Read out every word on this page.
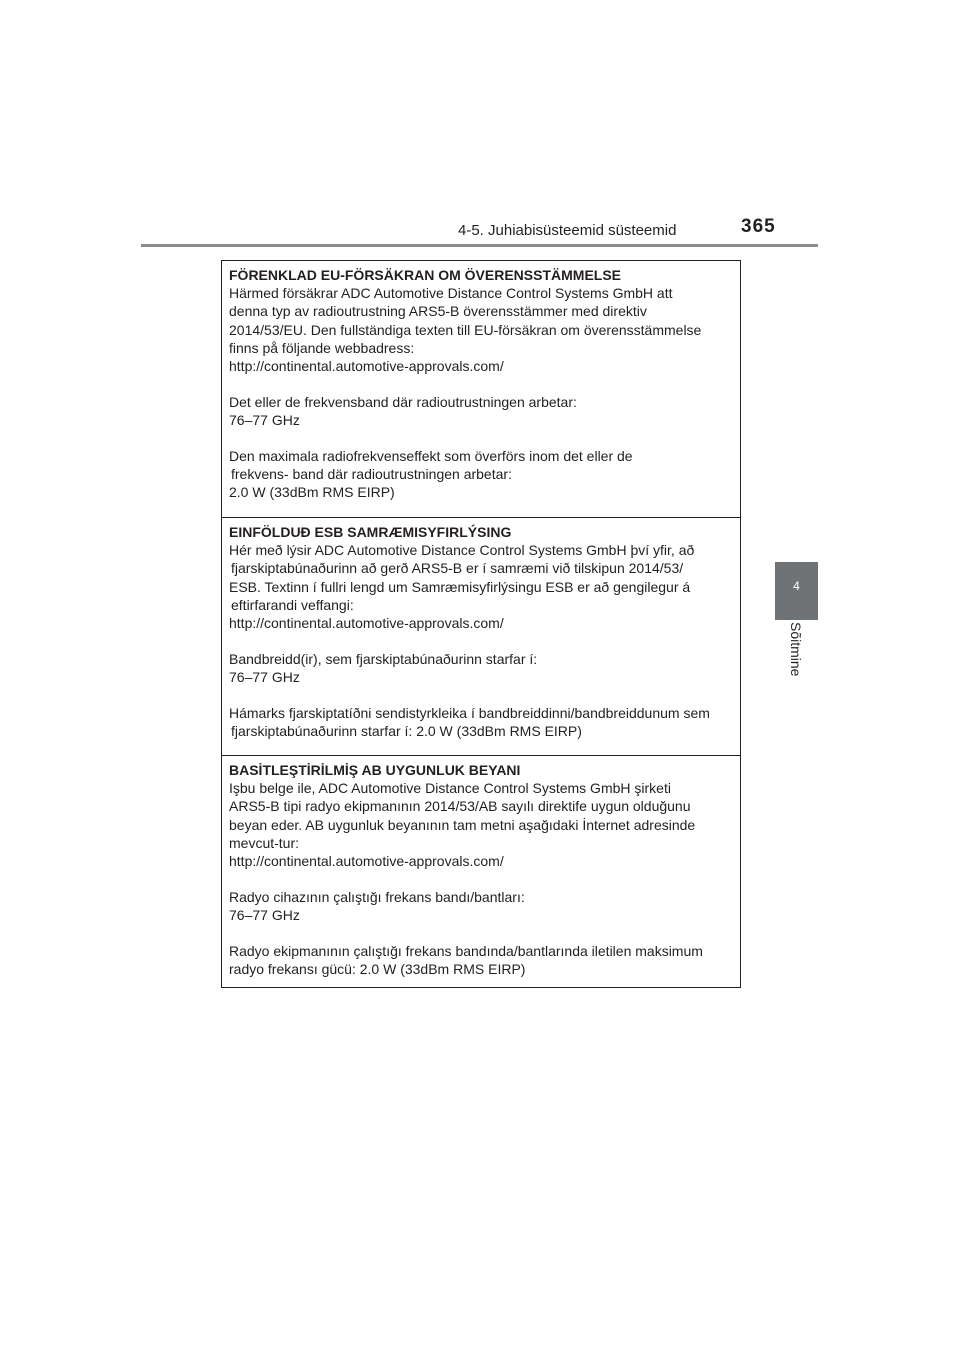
4-5. Juhiabisüsteemid süsteemid	365
4
Sõitmine
FÖRENKLAD EU-FÖRSÄKRAN OM ÖVERENSSTÄMMELSE
Härmed försäkrar ADC Automotive Distance Control Systems GmbH att
denna typ av radioutrustning ARS5-B överensstämmer med direktiv
2014/53/EU. Den fullständiga texten till EU-försäkran om överensstämmelse
finns på följande webbadress:
http://continental.automotive-approvals.com/
Det eller de frekvensband där radioutrustningen arbetar:
76–77 GHz
Den maximala radiofrekvenseffekt som överförs inom det eller de
frekvens- band där radioutrustningen arbetar:
2.0 W (33dBm RMS EIRP)
EINFÖLDUÐ ESB SAMRÆMISYFIRLÝSING
Hér með lýsir ADC Automotive Distance Control Systems GmbH því yfir, að
fjarskiptabúnaðurinn að gerð ARS5-B er í samræmi við tilskipun 2014/53/
ESB. Textinn í fullri lengd um Samræmisyfirlýsingu ESB er að gengilegur á
eftirfarandi veffangi:
http://continental.automotive-approvals.com/
Bandbreidd(ir), sem fjarskiptabúnaðurinn starfar í:
76–77 GHz
Hámarks fjarskiptatíðni sendistyrkleika í bandbreiddinni/bandbreiddunum sem
fjarskiptabúnaðurinn starfar í: 2.0 W (33dBm RMS EIRP)
BASİTLEŞTİRİLMİŞ AB UYGUNLUK BEYANI
Işbu belge ile, ADC Automotive Distance Control Systems GmbH şirketi
ARS5-B tipi radyo ekipmanının 2014/53/AB sayılı direktife uygun olduğunu
beyan eder. AB uygunluk beyanının tam metni aşağıdaki İnternet adresinde
mevcut-tur:
http://continental.automotive-approvals.com/
Radyo cihazının çalıştığı frekans bandı/bantları:
76–77 GHz
Radyo ekipmanının çalıştığı frekans bandında/bantlarında iletilen maksimum
radyo frekansı gücü: 2.0 W (33dBm RMS EIRP)
